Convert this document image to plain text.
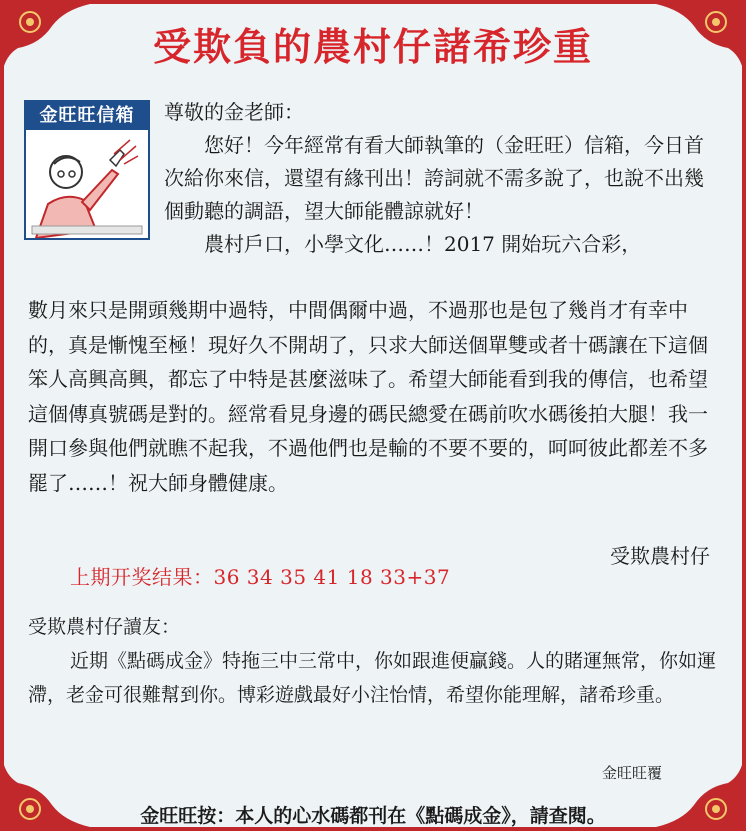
受欺負的農村仔諸希珍重
金旺旺信箱	尊敬的金老師：

您好！今年經常有看大師執筆的（金旺旺）信箱，今日首次給你來信，還望有緣刊出！誇詞就不需多說了，也說不出幾個動聽的調語，望大師能體諒就好！

農村戶口，小學文化……！2017 開始玩六合彩，

數月來只是開頭幾期中過特，中間偶爾中過，不過那也是包了幾肖才有幸中的，真是慚愧至極！現好久不開胡了，只求大師送個單雙或者十碼讓在下這個笨人高興高興，都忘了中特是甚麼滋味了。希望大師能看到我的傳信，也希望這個傳真號碼是對的。經常看見身邊的碼民總愛在碼前吹水碼後拍大腿！我一開口參與他們就瞧不起我，不過他們也是輸的不要不要的，呵呵彼此都差不多罷了……！祝大師身體健康。
受欺農村仔
上期开奖结果：36 34 35 41 18 33+37

受欺農村仔讀友：

近期《點碼成金》特拖三中三常中，你如跟進便贏錢。人的賭運無常，你如運滯，老金可很難幫到你。博彩遊戲最好小注怡情，希望你能理解，諸希珍重。

金旺旺覆
金旺旺按：本人的心水碼都刊在《點碼成金》，請查閱。
